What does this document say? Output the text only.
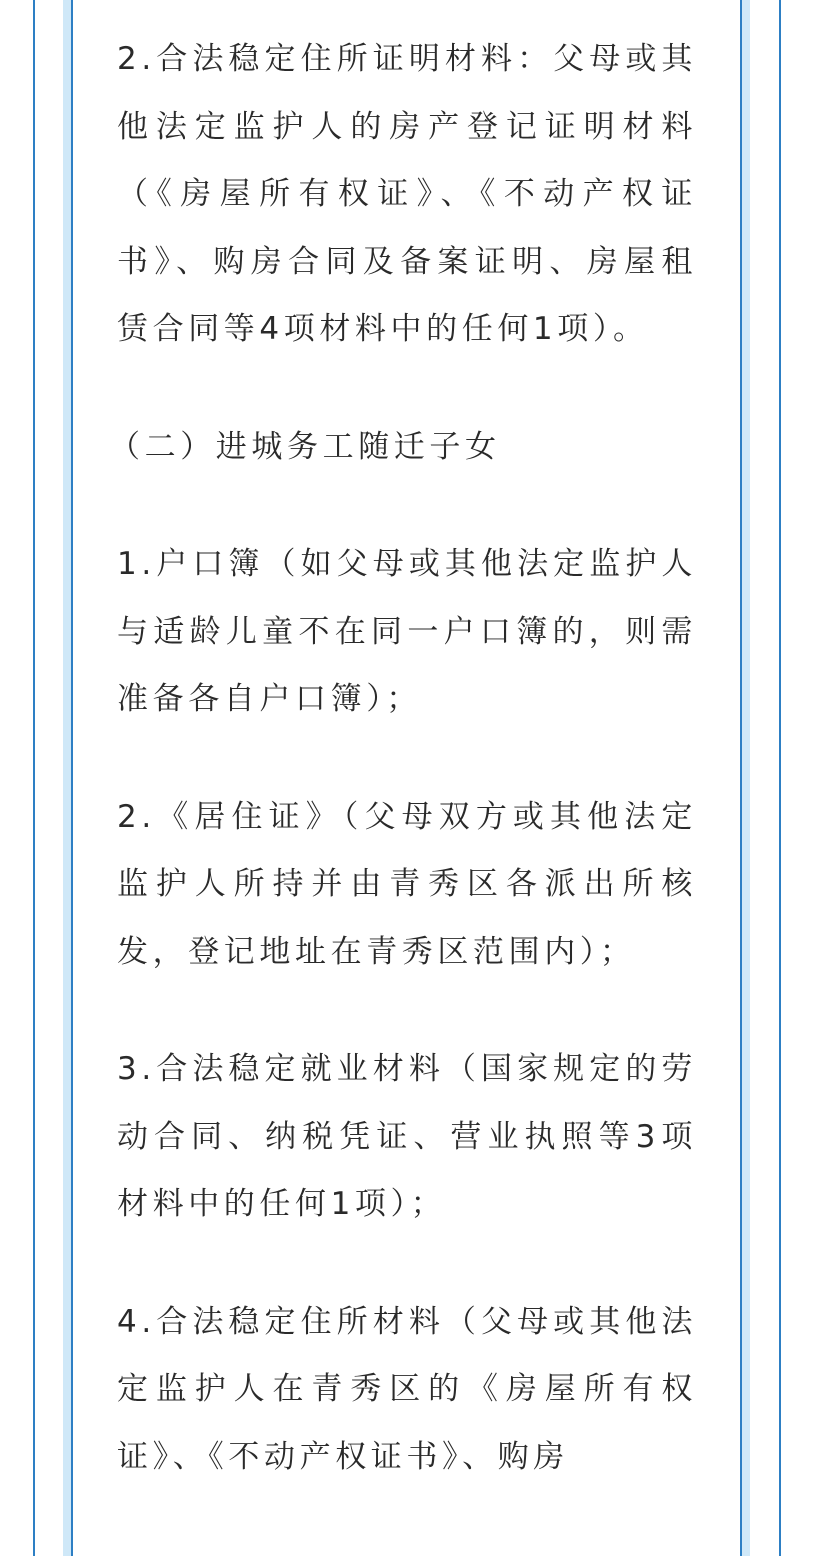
2.合法稳定住所证明材料：父母或其他法定监护人的房产登记证明材料（《房屋所有权证》、《不动产权证书》、购房合同及备案证明、房屋租赁合同等4项材料中的任何1项）。

（二）进城务工随迁子女

1.户口簿（如父母或其他法定监护人与适龄儿童不在同一户口簿的，则需准备各自户口簿）；

2.《居住证》（父母双方或其他法定监护人所持并由青秀区各派出所核发，登记地址在青秀区范围内）；

3.合法稳定就业材料（国家规定的劳动合同、纳税凭证、营业执照等3项材料中的任何1项）；

4.合法稳定住所材料（父母或其他法定监护人在青秀区的《房屋所有权证》、《不动产权证书》、购房
